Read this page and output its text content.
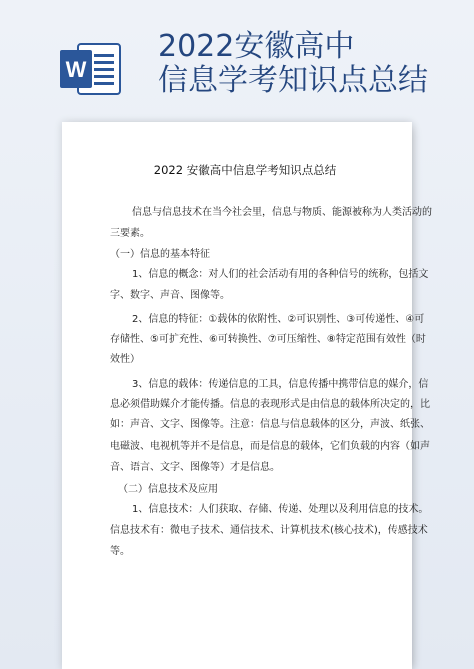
W
2022安徽高中
信息学考知识点总结
2022 安徽高中信息学考知识点总结
信息与信息技术在当今社会里，信息与物质、能源被称为人类活动的
三要素。
（一）信息的基本特征
1、信息的概念：对人们的社会活动有用的各种信号的统称，包括文
字、数字、声音、图像等。
2、信息的特征：①载体的依附性、②可识别性、③可传递性、④可
存储性、⑤可扩充性、⑥可转换性、⑦可压缩性、⑧特定范围有效性（时
效性）
3、信息的载体：传递信息的工具，信息传播中携带信息的媒介，信
息必须借助媒介才能传播。信息的表现形式是由信息的载体所决定的，比
如：声音、文字、图像等。注意：信息与信息载体的区分，声波、纸张、
电磁波、电视机等并不是信息，而是信息的载体，它们负载的内容（如声
音、语言、文字、图像等）才是信息。
（二）信息技术及应用
1、信息技术：人们获取、存储、传递、处理以及利用信息的技术。
信息技术有：微电子技术、通信技术、计算机技术(核心技术)，传感技术
等。
